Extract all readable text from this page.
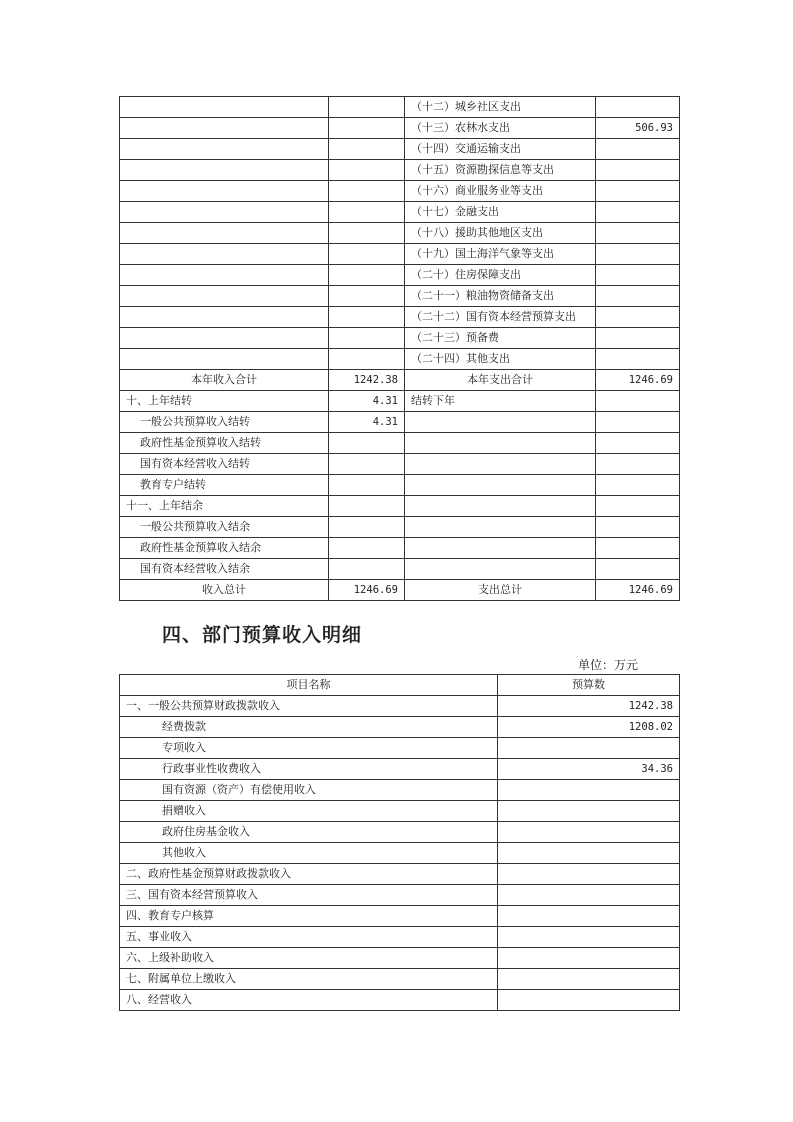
		（十二）城乡社区支出	
		（十三）农林水支出	506.93
		（十四）交通运输支出	
		（十五）资源勘探信息等支出	
		（十六）商业服务业等支出	
		（十七）金融支出	
		（十八）援助其他地区支出	
		（十九）国土海洋气象等支出	
		（二十）住房保障支出	
		（二十一）粮油物资储备支出	
		（二十二）国有资本经营预算支出	
		（二十三）预备费	
		（二十四）其他支出	
本年收入合计	1242.38	本年支出合计	1246.69
十、上年结转	4.31	结转下年	
一般公共预算收入结转	4.31		
政府性基金预算收入结转			
国有资本经营收入结转			
教育专户结转			
十一、上年结余			
一般公共预算收入结余			
政府性基金预算收入结余			
国有资本经营收入结余			
收入总计	1246.69	支出总计	1246.69
四、部门预算收入明细
单位：万元
项目名称	预算数
一、一般公共预算财政拨款收入	1242.38
经费拨款	1208.02
专项收入	
行政事业性收费收入	34.36
国有资源（资产）有偿使用收入	
捐赠收入	
政府住房基金收入	
其他收入	
二、政府性基金预算财政拨款收入	
三、国有资本经营预算收入	
四、教育专户核算	
五、事业收入	
六、上级补助收入	
七、附属单位上缴收入	
八、经营收入	
